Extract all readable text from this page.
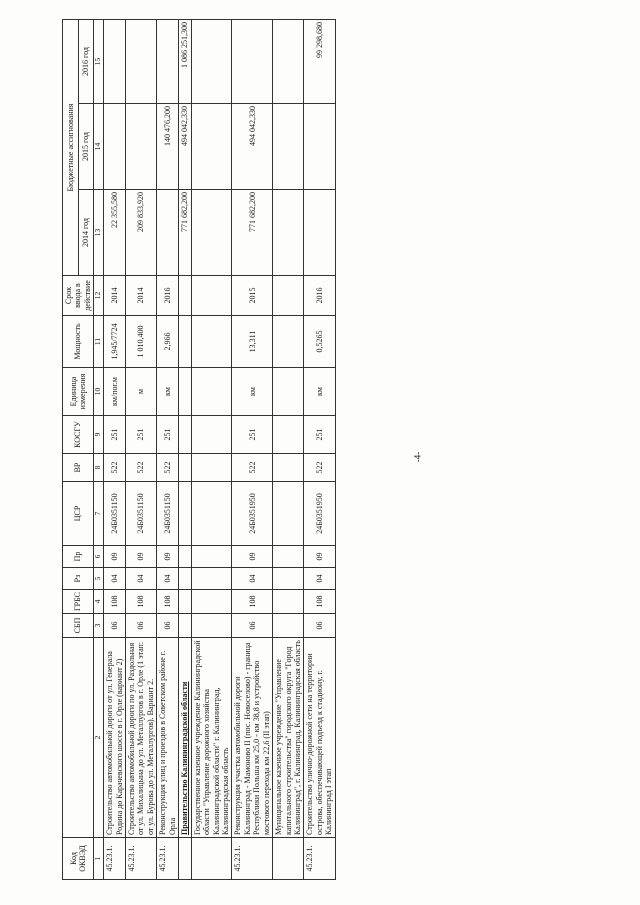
Код ОКВЭД		СБП	ГРБС	Рз	Пр	ЦСР	ВР	КОСГУ	Единица измерения	Мощность	Срок ввода в действие	Бюджетные ассигнования		
												2014 год	2015 год	2016 год
1	2	3	4	5	6	7	8	9	10	11	12	13	14	15
45.23.1.	Строительство автомобильной дороги от ул. Генерала Родина до Карачевского шоссе в г. Орле (вариант 2)	06	108	04	09	24Б0351150	522	251	км/пог.м	1,945/7724	2014	22 355,580		
45.23.1.	Строительство автомобильной дороги по ул. Раздольная от ул. Михалицына до ул. Металлургов в г. Орле (1 этап: от ул. Бурова до ул. Металлургов). Вариант 2.	06	108	04	09	24Б0351150	522	251	м	1 010,400	2014	209 833,920		
45.23.1.	Реконструкция улиц и проездов в Советском районе г. Орла	06	108	04	09	24Б0351150	522	251	км	2,966	2016		140 476,200	
	Правительство Калининградской области											771 682,200	494 042,330	1 086 251,300
	Государственное казенное учреждение Калининградской области "Управление дорожного хозяйства Калининградской области" г. Калининград, Калининградская область													
45.23.1.	Реконструкция участка автомобильной дороги Калининград - Мамоново II (пос. Новоселово) - граница Республики Польша км 25,0 - км 38,8 и устройство мостового перехода км 22,6 (II этап)	06	108	04	09	24Б0351950	522	251	км	13,311	2015	771 682,200	494 042,330	
	Муниципальное казенное учреждение "Управление капитального строительства" городского округа "Город Калининград", г. Калининград, Калининградская область													
45.23.1.	Строительство улично-дорожной сети на территории острова, обеспечивающей подъезд к стадиону, г. Калининград I этап	06	108	04	09	24Б0351950	522	251	км	0,5265	2016			99 298,680
-4-
